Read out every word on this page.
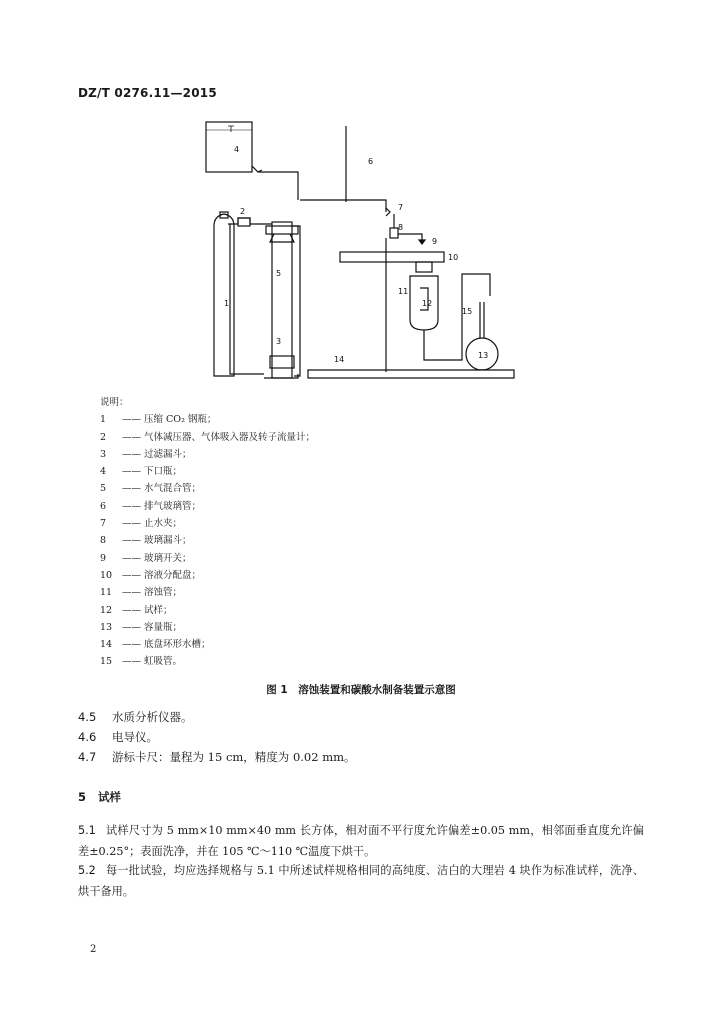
DZ/T 0276.11—2015
4
6
2	7
8
9
10
5
11
12
1
15
3
13
14
说明：
1	—— 压缩 CO₂ 钢瓶；
2	—— 气体减压器、气体吸入器及转子流量计；
3	—— 过滤漏斗；
4	—— 下口瓶；
5	—— 水气混合管；
6	—— 排气玻璃管；
7	—— 止水夹；
8	—— 玻璃漏斗；
9	—— 玻璃开关；
10	—— 溶液分配盘；
11	—— 溶蚀管；
12	—— 试样；
13	—— 容量瓶；
14	—— 底盘环形水槽；
15	—— 虹吸管。
图 1　溶蚀装置和碳酸水制备装置示意图
4.5 水质分析仪器。
4.6 电导仪。
4.7 游标卡尺：量程为 15 cm，精度为 0.02 mm。
5 试样
5.1 试样尺寸为 5 mm×10 mm×40 mm 长方体，相对面不平行度允许偏差±0.05 mm，相邻面垂直度允许偏差±0.25°；表面洗净，并在 105 ℃～110 ℃温度下烘干。
5.2 每一批试验，均应选择规格与 5.1 中所述试样规格相同的高纯度、洁白的大理岩 4 块作为标准试样，洗净、烘干备用。
2
